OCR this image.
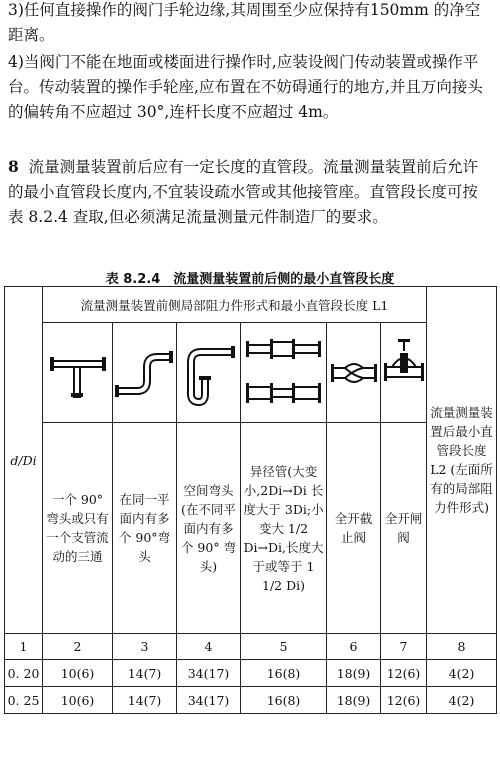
3)任何直接操作的阀门手轮边缘,其周围至少应保持有150mm 的净空距离。
4)当阀门不能在地面或楼面进行操作时,应装设阀门传动装置或操作平台。传动装置的操作手轮座,应布置在不妨碍通行的地方,并且万向接头的偏转角不应超过 30°,连杆长度不应超过 4m。
8 流量测量装置前后应有一定长度的直管段。流量测量装置前后允许的最小直管段长度内,不宜装设疏水管或其他接管座。直管段长度可按表 8.2.4 查取,但必须满足流量测量元件制造厂的要求。
表 8.2.4　流量测量装置前后侧的最小直管段长度
d/Di	流量测量装置前侧局部阻力件形式和最小直管段长度 L1						流量测量装置后最小直管段长度 L2 (左面所有的局部阻力件形式)

	一个 90° 弯头或只有一个支管流动的三通	在同一平面内有多个 90°弯头	空间弯头(在不同平面内有多个 90° 弯头)	异径管(大变小,2Di→Di 长度大于 3Di;小变大 1/2 Di→Di,长度大于或等于 1 1/2 Di)	全开截止阀	全开闸阀	
1	2	3	4	5	6	7	8
0. 20	10(6)	14(7)	34(17)	16(8)	18(9)	12(6)	4(2)
0. 25	10(6)	14(7)	34(17)	16(8)	18(9)	12(6)	4(2)
